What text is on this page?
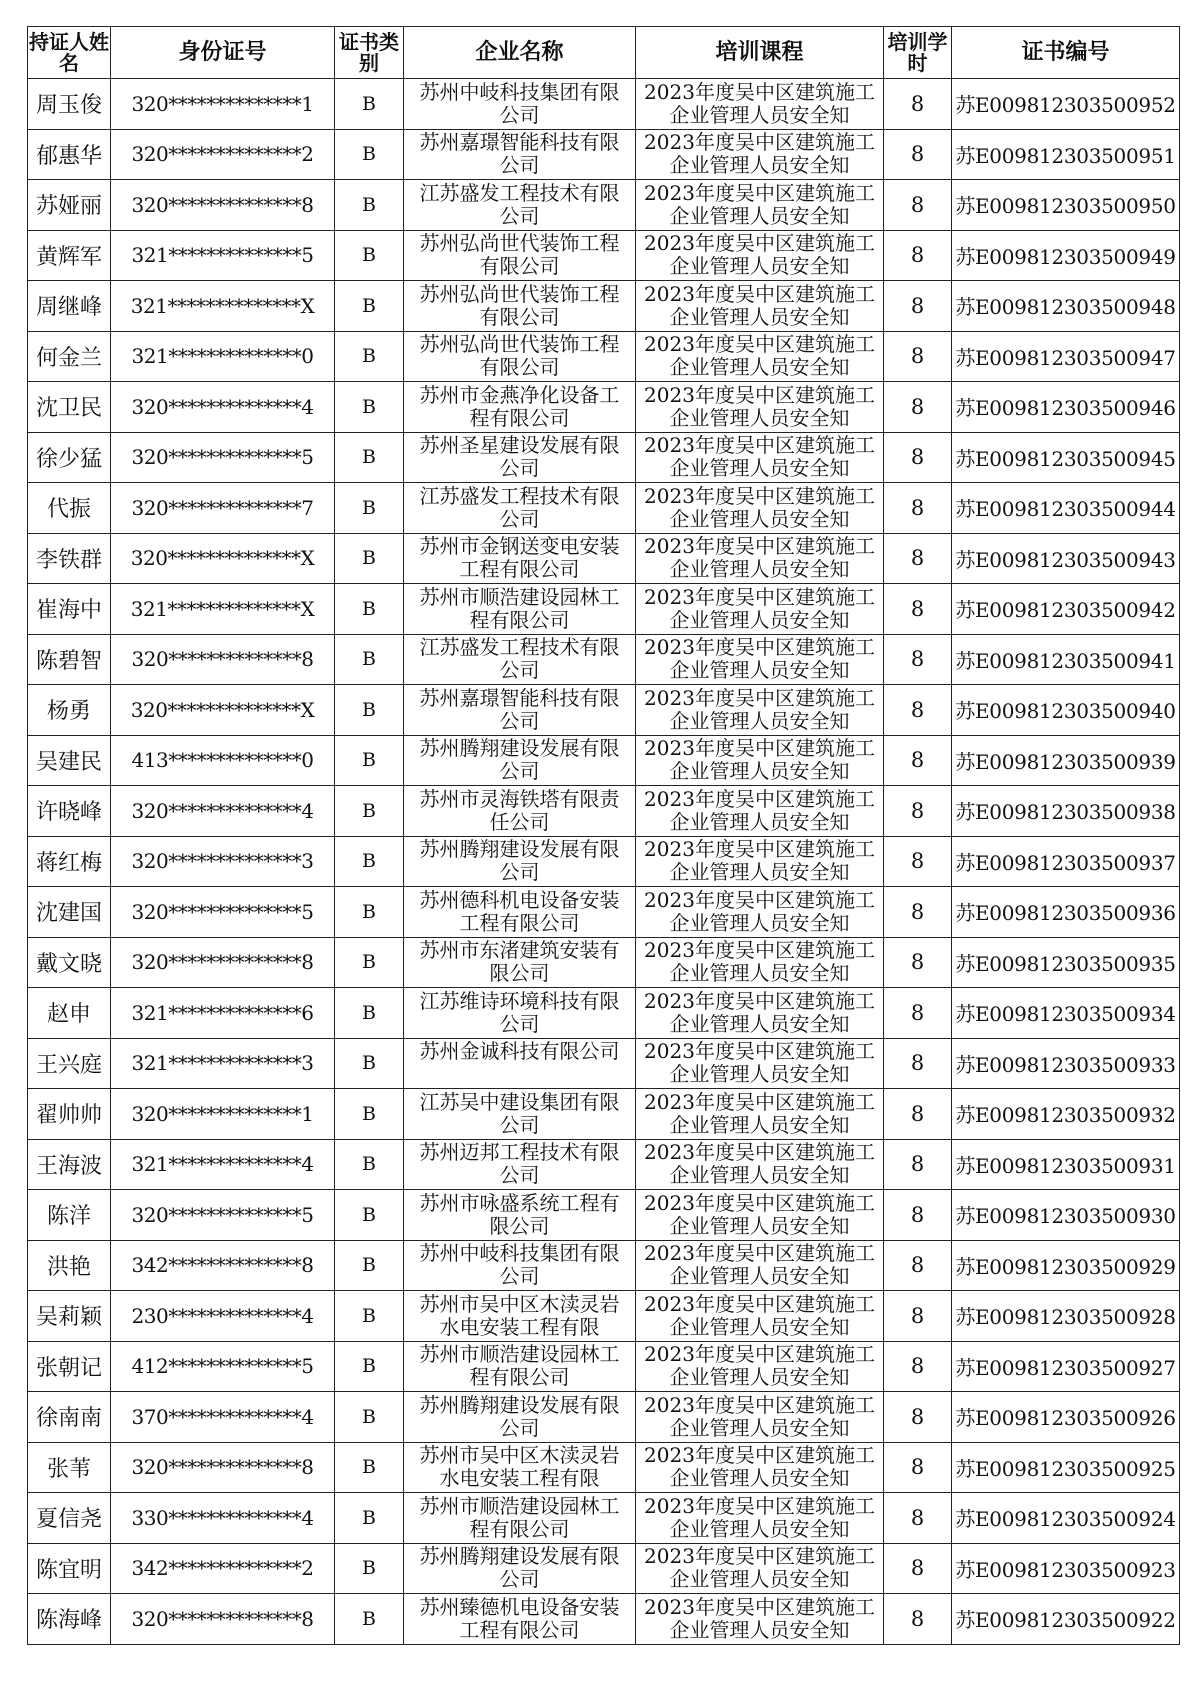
持证人姓名	身份证号	证书类别	企业名称	培训课程	培训学时	证书编号
周玉俊	320**************1	B	苏州中岐科技集团有限公司	2023年度吴中区建筑施工企业管理人员安全知	8	苏E009812303500952
郁惠华	320**************2	B	苏州嘉璟智能科技有限公司	2023年度吴中区建筑施工企业管理人员安全知	8	苏E009812303500951
苏娅丽	320**************8	B	江苏盛发工程技术有限公司	2023年度吴中区建筑施工企业管理人员安全知	8	苏E009812303500950
黄辉军	321**************5	B	苏州弘尚世代装饰工程有限公司	2023年度吴中区建筑施工企业管理人员安全知	8	苏E009812303500949
周继峰	321**************X	B	苏州弘尚世代装饰工程有限公司	2023年度吴中区建筑施工企业管理人员安全知	8	苏E009812303500948
何金兰	321**************0	B	苏州弘尚世代装饰工程有限公司	2023年度吴中区建筑施工企业管理人员安全知	8	苏E009812303500947
沈卫民	320**************4	B	苏州市金燕净化设备工程有限公司	2023年度吴中区建筑施工企业管理人员安全知	8	苏E009812303500946
徐少猛	320**************5	B	苏州圣星建设发展有限公司	2023年度吴中区建筑施工企业管理人员安全知	8	苏E009812303500945
代振	320**************7	B	江苏盛发工程技术有限公司	2023年度吴中区建筑施工企业管理人员安全知	8	苏E009812303500944
李铁群	320**************X	B	苏州市金钢送变电安装工程有限公司	2023年度吴中区建筑施工企业管理人员安全知	8	苏E009812303500943
崔海中	321**************X	B	苏州市顺浩建设园林工程有限公司	2023年度吴中区建筑施工企业管理人员安全知	8	苏E009812303500942
陈碧智	320**************8	B	江苏盛发工程技术有限公司	2023年度吴中区建筑施工企业管理人员安全知	8	苏E009812303500941
杨勇	320**************X	B	苏州嘉璟智能科技有限公司	2023年度吴中区建筑施工企业管理人员安全知	8	苏E009812303500940
吴建民	413**************0	B	苏州腾翔建设发展有限公司	2023年度吴中区建筑施工企业管理人员安全知	8	苏E009812303500939
许晓峰	320**************4	B	苏州市灵海铁塔有限责任公司	2023年度吴中区建筑施工企业管理人员安全知	8	苏E009812303500938
蒋红梅	320**************3	B	苏州腾翔建设发展有限公司	2023年度吴中区建筑施工企业管理人员安全知	8	苏E009812303500937
沈建国	320**************5	B	苏州德科机电设备安装工程有限公司	2023年度吴中区建筑施工企业管理人员安全知	8	苏E009812303500936
戴文晓	320**************8	B	苏州市东渚建筑安装有限公司	2023年度吴中区建筑施工企业管理人员安全知	8	苏E009812303500935
赵申	321**************6	B	江苏维诗环境科技有限公司	2023年度吴中区建筑施工企业管理人员安全知	8	苏E009812303500934
王兴庭	321**************3	B	苏州金诚科技有限公司	2023年度吴中区建筑施工企业管理人员安全知	8	苏E009812303500933
翟帅帅	320**************1	B	江苏吴中建设集团有限公司	2023年度吴中区建筑施工企业管理人员安全知	8	苏E009812303500932
王海波	321**************4	B	苏州迈邦工程技术有限公司	2023年度吴中区建筑施工企业管理人员安全知	8	苏E009812303500931
陈洋	320**************5	B	苏州市咏盛系统工程有限公司	2023年度吴中区建筑施工企业管理人员安全知	8	苏E009812303500930
洪艳	342**************8	B	苏州中岐科技集团有限公司	2023年度吴中区建筑施工企业管理人员安全知	8	苏E009812303500929
吴莉颖	230**************4	B	苏州市吴中区木渎灵岩水电安装工程有限	2023年度吴中区建筑施工企业管理人员安全知	8	苏E009812303500928
张朝记	412**************5	B	苏州市顺浩建设园林工程有限公司	2023年度吴中区建筑施工企业管理人员安全知	8	苏E009812303500927
徐南南	370**************4	B	苏州腾翔建设发展有限公司	2023年度吴中区建筑施工企业管理人员安全知	8	苏E009812303500926
张苇	320**************8	B	苏州市吴中区木渎灵岩水电安装工程有限	2023年度吴中区建筑施工企业管理人员安全知	8	苏E009812303500925
夏信尧	330**************4	B	苏州市顺浩建设园林工程有限公司	2023年度吴中区建筑施工企业管理人员安全知	8	苏E009812303500924
陈宜明	342**************2	B	苏州腾翔建设发展有限公司	2023年度吴中区建筑施工企业管理人员安全知	8	苏E009812303500923
陈海峰	320**************8	B	苏州臻德机电设备安装工程有限公司	2023年度吴中区建筑施工企业管理人员安全知	8	苏E009812303500922
